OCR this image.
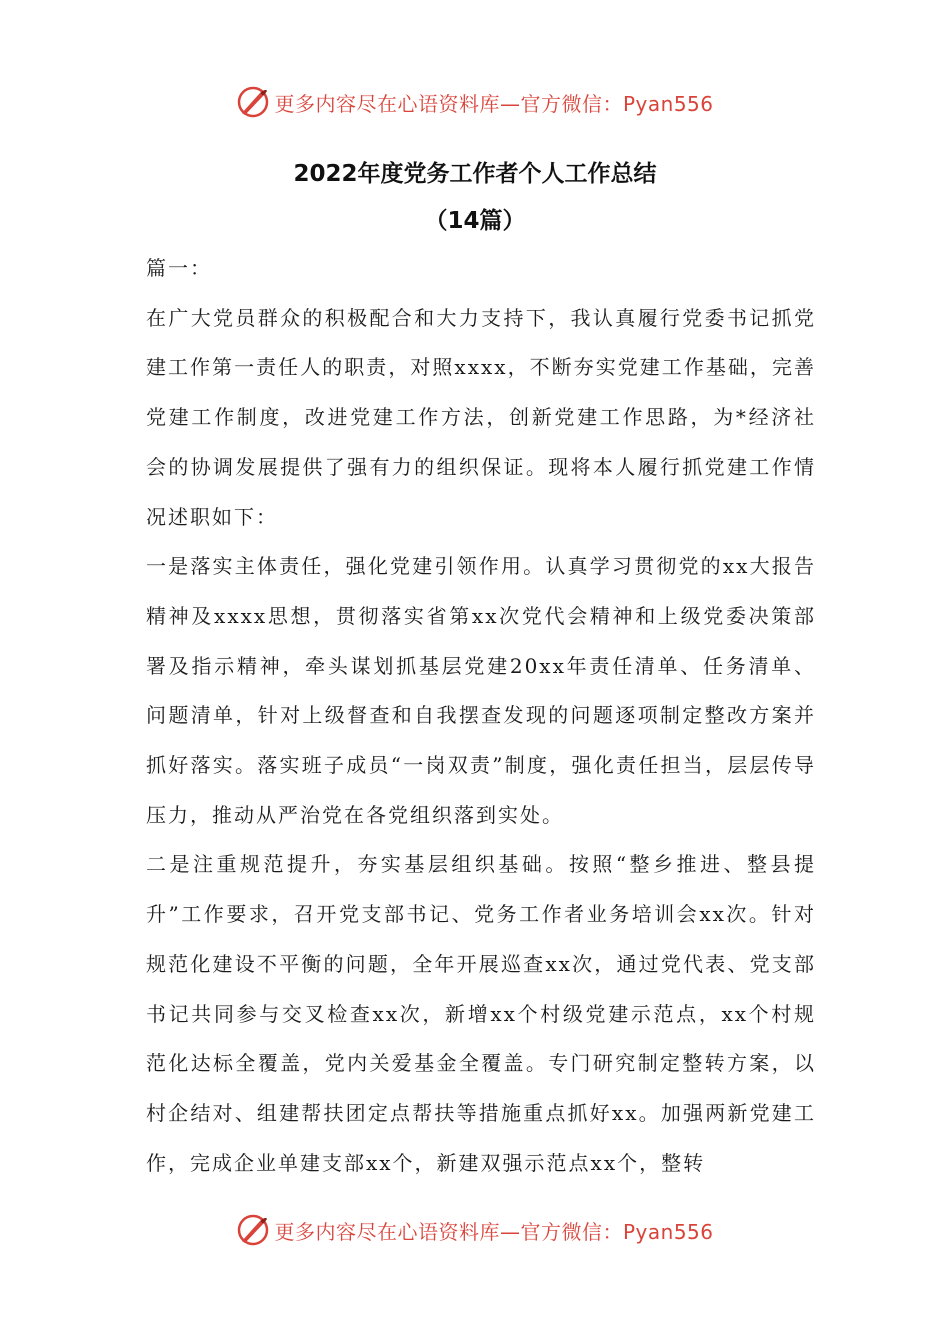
更多内容尽在心语资料库—官方微信：Pyan556
2022年度党务工作者个人工作总结
（14篇）

篇一：

在广大党员群众的积极配合和大力支持下，我认真履行党委书记抓党建工作第一责任人的职责，对照xxxx，不断夯实党建工作基础，完善党建工作制度，改进党建工作方法，创新党建工作思路，为*经济社会的协调发展提供了强有力的组织保证。现将本人履行抓党建工作情况述职如下：

一是落实主体责任，强化党建引领作用。认真学习贯彻党的xx大报告精神及xxxx思想，贯彻落实省第xx次党代会精神和上级党委决策部署及指示精神，牵头谋划抓基层党建20xx年责任清单、任务清单、问题清单，针对上级督查和自我摆查发现的问题逐项制定整改方案并抓好落实。落实班子成员“一岗双责”制度，强化责任担当，层层传导压力，推动从严治党在各党组织落到实处。

二是注重规范提升，夯实基层组织基础。按照“整乡推进、整县提升”工作要求，召开党支部书记、党务工作者业务培训会xx次。针对规范化建设不平衡的问题，全年开展巡查xx次，通过党代表、党支部书记共同参与交叉检查xx次，新增xx个村级党建示范点，xx个村规范化达标全覆盖，党内关爱基金全覆盖。专门研究制定整转方案，以村企结对、组建帮扶团定点帮扶等措施重点抓好xx。加强两新党建工作，完成企业单建支部xx个，新建双强示范点xx个，整转

更多内容尽在心语资料库—官方微信：Pyan556
